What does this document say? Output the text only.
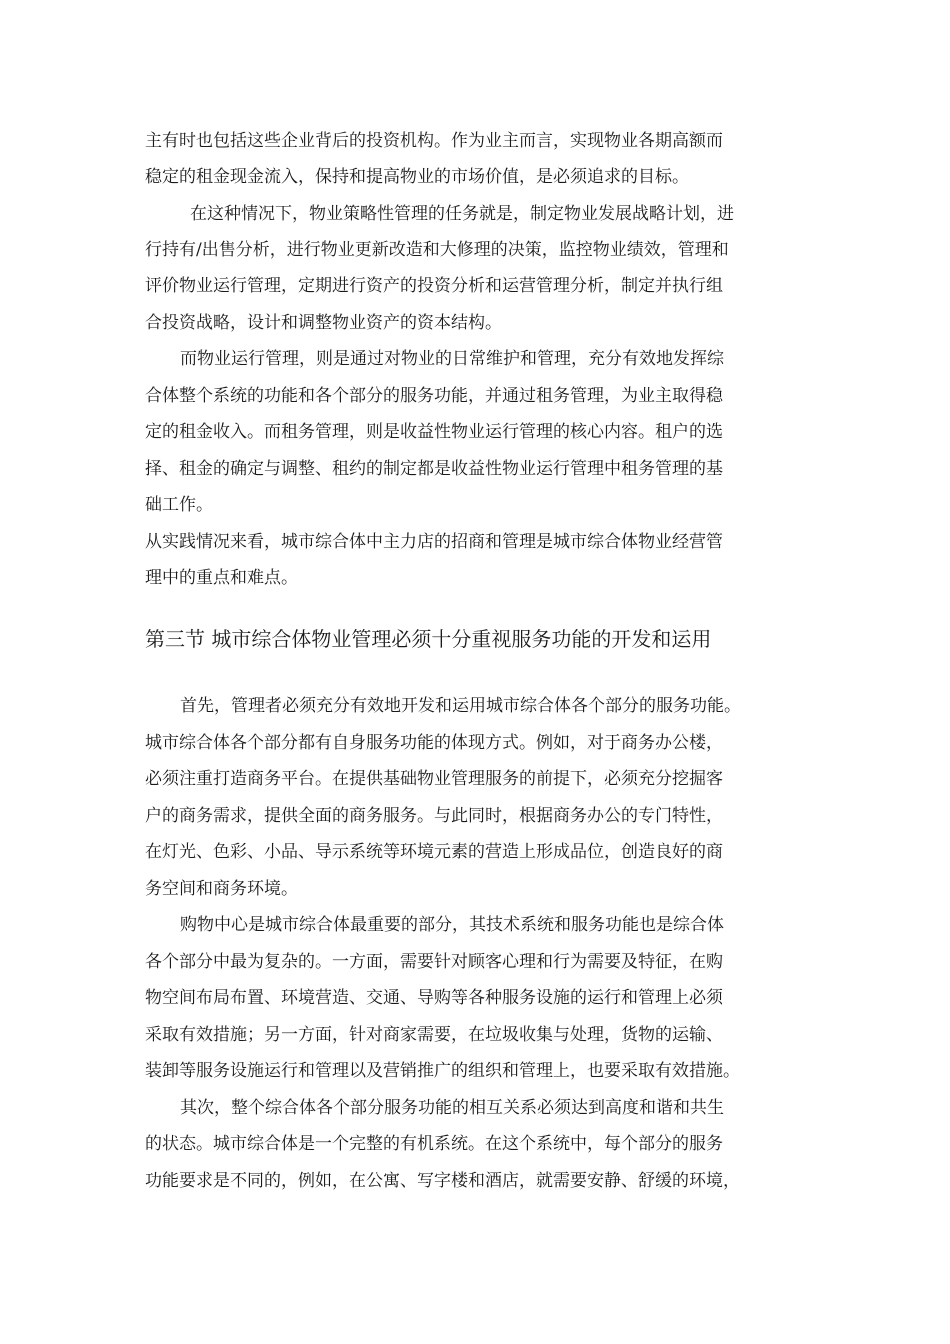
主有时也包括这些企业背后的投资机构。作为业主而言，实现物业各期高额而

稳定的租金现金流入，保持和提高物业的市场价值，是必须追求的目标。

在这种情况下，物业策略性管理的任务就是，制定物业发展战略计划，进

行持有/出售分析，进行物业更新改造和大修理的决策，监控物业绩效，管理和

评价物业运行管理，定期进行资产的投资分析和运营管理分析，制定并执行组

合投资战略，设计和调整物业资产的资本结构。

而物业运行管理，则是通过对物业的日常维护和管理，充分有效地发挥综

合体整个系统的功能和各个部分的服务功能，并通过租务管理，为业主取得稳

定的租金收入。而租务管理，则是收益性物业运行管理的核心内容。租户的选

择、租金的确定与调整、租约的制定都是收益性物业运行管理中租务管理的基

础工作。

从实践情况来看，城市综合体中主力店的招商和管理是城市综合体物业经营管

理中的重点和难点。

第三节 城市综合体物业管理必须十分重视服务功能的开发和运用

首先，管理者必须充分有效地开发和运用城市综合体各个部分的服务功能。

城市综合体各个部分都有自身服务功能的体现方式。例如，对于商务办公楼，

必须注重打造商务平台。在提供基础物业管理服务的前提下，必须充分挖掘客

户的商务需求，提供全面的商务服务。与此同时，根据商务办公的专门特性，

在灯光、色彩、小品、导示系统等环境元素的营造上形成品位，创造良好的商

务空间和商务环境。

购物中心是城市综合体最重要的部分，其技术系统和服务功能也是综合体

各个部分中最为复杂的。一方面，需要针对顾客心理和行为需要及特征，在购

物空间布局布置、环境营造、交通、导购等各种服务设施的运行和管理上必须

采取有效措施；另一方面，针对商家需要，在垃圾收集与处理，货物的运输、

装卸等服务设施运行和管理以及营销推广的组织和管理上，也要采取有效措施。

其次，整个综合体各个部分服务功能的相互关系必须达到高度和谐和共生

的状态。城市综合体是一个完整的有机系统。在这个系统中，每个部分的服务

功能要求是不同的，例如，在公寓、写字楼和酒店，就需要安静、舒缓的环境，
